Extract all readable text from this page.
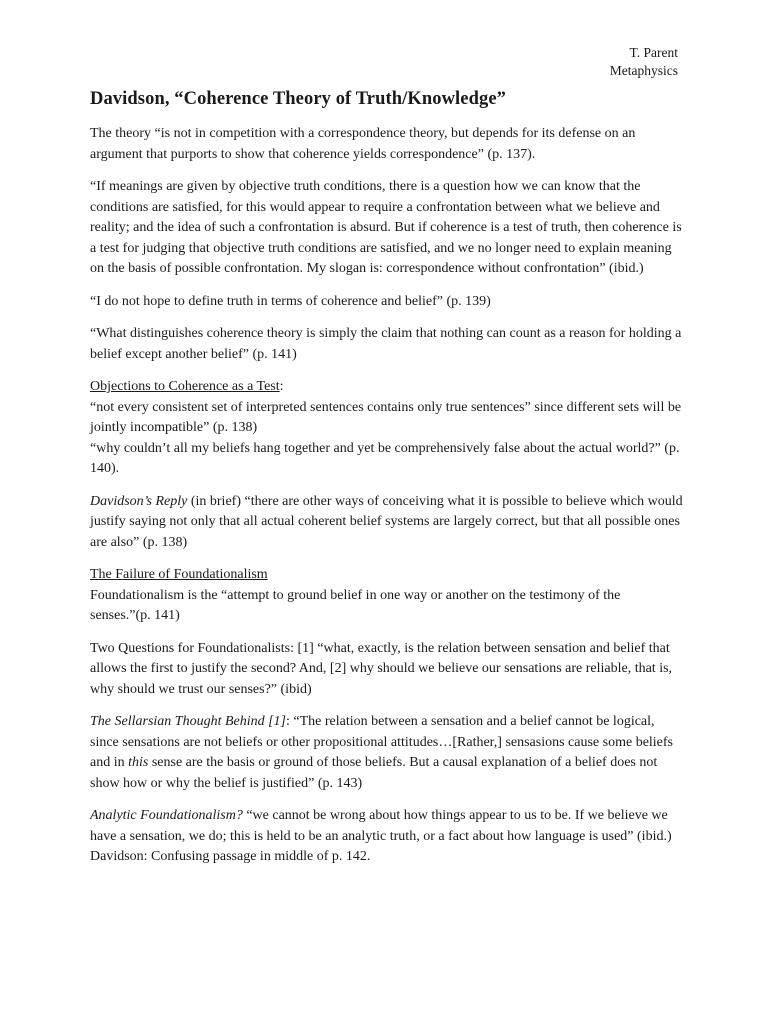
T. Parent
Metaphysics
Davidson, “Coherence Theory of Truth/Knowledge”

The theory “is not in competition with a correspondence theory, but depends for its defense on an argument that purports to show that coherence yields correspondence” (p. 137).

“If meanings are given by objective truth conditions, there is a question how we can know that the conditions are satisfied, for this would appear to require a confrontation between what we believe and reality; and the idea of such a confrontation is absurd. But if coherence is a test of truth, then coherence is a test for judging that objective truth conditions are satisfied, and we no longer need to explain meaning on the basis of possible confrontation. My slogan is: correspondence without confrontation” (ibid.)

“I do not hope to define truth in terms of coherence and belief” (p. 139)

“What distinguishes coherence theory is simply the claim that nothing can count as a reason for holding a belief except another belief” (p. 141)

Objections to Coherence as a Test:

“not every consistent set of interpreted sentences contains only true sentences” since different sets will be jointly incompatible” (p. 138)

“why couldn’t all my beliefs hang together and yet be comprehensively false about the actual world?” (p. 140).

Davidson’s Reply (in brief) “there are other ways of conceiving what it is possible to believe which would justify saying not only that all actual coherent belief systems are largely correct, but that all possible ones are also” (p. 138)

The Failure of Foundationalism

Foundationalism is the “attempt to ground belief in one way or another on the testimony of the senses.”(p. 141)

Two Questions for Foundationalists: [1] “what, exactly, is the relation between sensation and belief that allows the first to justify the second? And, [2] why should we believe our sensations are reliable, that is, why should we trust our senses?” (ibid)

The Sellarsian Thought Behind [1]: “The relation between a sensation and a belief cannot be logical, since sensations are not beliefs or other propositional attitudes…[Rather,] sensasions cause some beliefs and in this sense are the basis or ground of those beliefs. But a causal explanation of a belief does not show how or why the belief is justified” (p. 143)

Analytic Foundationalism? “we cannot be wrong about how things appear to us to be. If we believe we have a sensation, we do; this is held to be an analytic truth, or a fact about how language is used” (ibid.) Davidson: Confusing passage in middle of p. 142.
